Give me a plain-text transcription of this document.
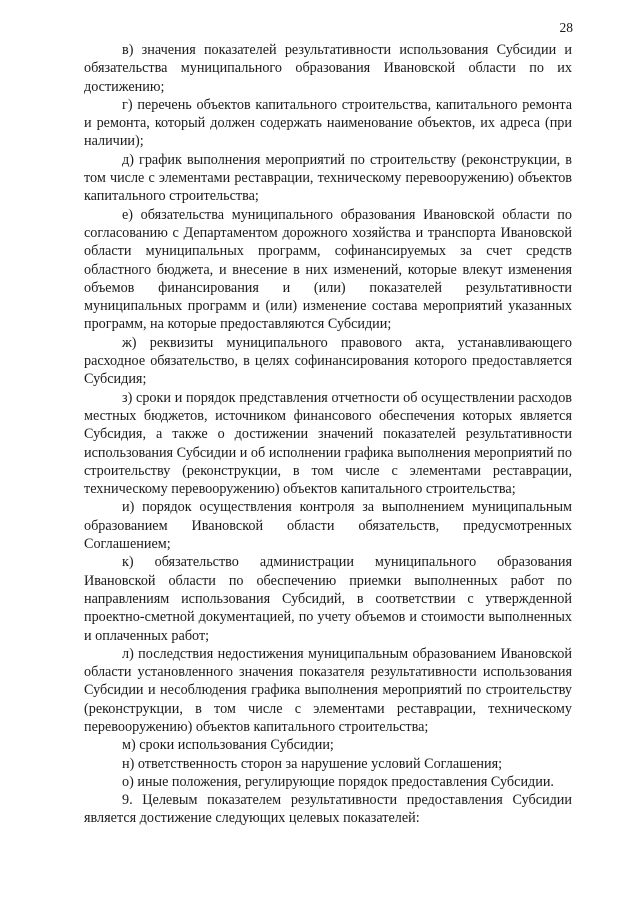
28

в) значения показателей результативности использования Субсидии и обязательства муниципального образования Ивановской области по их достижению;

г) перечень объектов капитального строительства, капитального ремонта и ремонта, который должен содержать наименование объектов, их адреса (при наличии);

д) график выполнения мероприятий по строительству (реконструкции, в том числе с элементами реставрации, техническому перевооружению) объектов капитального строительства;

е) обязательства муниципального образования Ивановской области по согласованию с Департаментом дорожного хозяйства и транспорта Ивановской области муниципальных программ, софинансируемых за счет средств областного бюджета, и внесение в них изменений, которые влекут изменения объемов финансирования и (или) показателей результативности муниципальных программ и (или) изменение состава мероприятий указанных программ, на которые предоставляются Субсидии;

ж) реквизиты муниципального правового акта, устанавливающего расходное обязательство, в целях софинансирования которого предоставляется Субсидия;

з) сроки и порядок представления отчетности об осуществлении расходов местных бюджетов, источником финансового обеспечения которых является Субсидия, а также о достижении значений показателей результативности использования Субсидии и об исполнении графика выполнения мероприятий по строительству (реконструкции, в том числе с элементами реставрации, техническому перевооружению) объектов капитального строительства;

и) порядок осуществления контроля за выполнением муниципальным образованием Ивановской области обязательств, предусмотренных Соглашением;

к) обязательство администрации муниципального образования Ивановской области по обеспечению приемки выполненных работ по направлениям использования Субсидий, в соответствии с утвержденной проектно-сметной документацией, по учету объемов и стоимости выполненных и оплаченных работ;

л) последствия недостижения муниципальным образованием Ивановской области установленного значения показателя результативности использования Субсидии и несоблюдения графика выполнения мероприятий по строительству (реконструкции, в том числе с элементами реставрации, техническому перевооружению) объектов капитального строительства;

м) сроки использования Субсидии;

н) ответственность сторон за нарушение условий Соглашения;

о) иные положения, регулирующие порядок предоставления Субсидии.

9. Целевым показателем результативности предоставления Субсидии является достижение следующих целевых показателей:
